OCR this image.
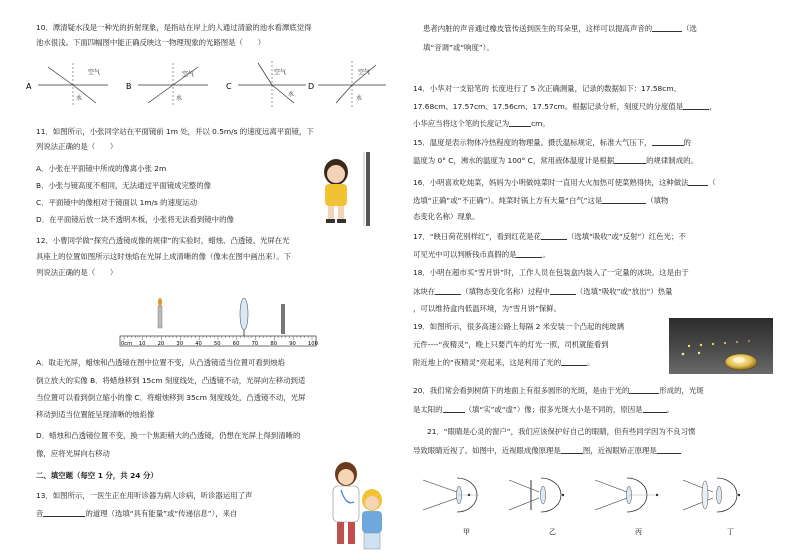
10．潭清疑水浅是一种光的折射现象，是指站在岸上的人通过清澈的池水看潭底觉得
池水很浅。下面四幅图中能正确反映这一物理现象的光路图是（　　）
A
空气
水
B
空气
水
C
空气
水
D
空气
水
11．如图所示，小张同学站在平面镜前 1m 处，并以 0.5m/s 的速度远离平面镜，下
列说法正确的是（　　）
A．小张在平面镜中所成的像离小张 2m
B．小张与镜高度不相同，无法通过平面镜成完整的像
C．平面镜中的像相对于镜面以 1m/s 的速度运动
D．在平面镜后放一块不透明木板，小张将无法看到镜中的像
12．小曹同学做“探究凸透镜成像的规律”的实验时，蜡烛、凸透镜、光屏在光
具座上的位置如图所示这时烛焰在光屏上成清晰的像（像未在图中画出来）。下
列说法正确的是（　　）
0cm 10 20 30 40 50 60 70 80 90 100
A．取走光屏，蜡烛和凸透镜在图中位置不变，从凸透镜适当位置可看到烛焰
倒立放大的实像 B．将蜡烛移到 15cm 刻度线处，凸透镜不动，光屏向左移动到适
当位置可以看到倒立缩小的像 C．将蜡烛移到 35cm 刻度线处，凸透镜不动，光屏
移动到适当位置能呈现清晰的烛焰像
D．蜡烛和凸透镜位置不变，换一个焦距稍大的凸透镜，仍想在光屏上得到清晰的
像，应将光屏向右移动
二、填空题（每空 1 分，共 24 分）
13．如图所示，一医生正在用听诊器为病人诊病，听诊器运用了声
音	的道理（选填“具有能量”或“传递信息”），来自
患者内脏的声音通过橡皮管传送到医生的耳朵里，这样可以提高声音的	（选
填“音调”或“响度”）。
14．小华对一支铅笔的 长度进行了 5 次正确测量，记录的数据如下：17.58cm、
17.68cm、17.57cm、17.56cm、17.57cm。根据记录分析，刻度尺的分度值是	，
小华应当将这个笔的长度记为	cm。
15．温度是表示物体冷热程度的物理量。摄氏温标规定，标准大气压下，	的
温度为 0° C，沸水的温度为 100° C，常用液体温度计是根据	的规律制成的。
16．小明喜欢吃炖菜，妈妈为小明做炖菜时一直用大火加热可使菜熟得快，这种做法	（
选填“正确”或“不正确”）。炖菜时锅上方有大量“白气”这是	（填物
态变化名称）现象。
17．“映日荷花别样红”，看到红花是花	（选填“吸收”或“反射”）红色光；不
可见光中可以判断钱币真假的是	。
18．小明在超市买“雪月饼”时，工作人员在包装盒内装入了一定量的冰块。这是由于
冰块在	（填物态变化名称）过程中	（选填“吸收”或“放出”）热量
，可以维持盒内低温环境，为“雪月饼”保鲜。
19．如图所示，很多高速公路上每隔 2 米安装一个凸起的纯玻璃
元件----“夜精灵”，晚上只要汽车的灯光一照，司机就能看到
附近地上的“夜精灵”亮起来，这是利用了光的	。
20．我们常会看到树荫下的地面上有很多圆形的光斑，是由于光的	形成的，光斑
是太阳的	（填“实”或“虚”）像；很多光斑大小是不同的，原因是	。
21．“眼睛是心灵的窗户”，我们应该保护好自己的眼睛，但有些同学因为不良习惯
导致眼睛近视了。如图中，近视眼成像原理是	图，近视眼矫正原理是
甲	乙	丙	丁
